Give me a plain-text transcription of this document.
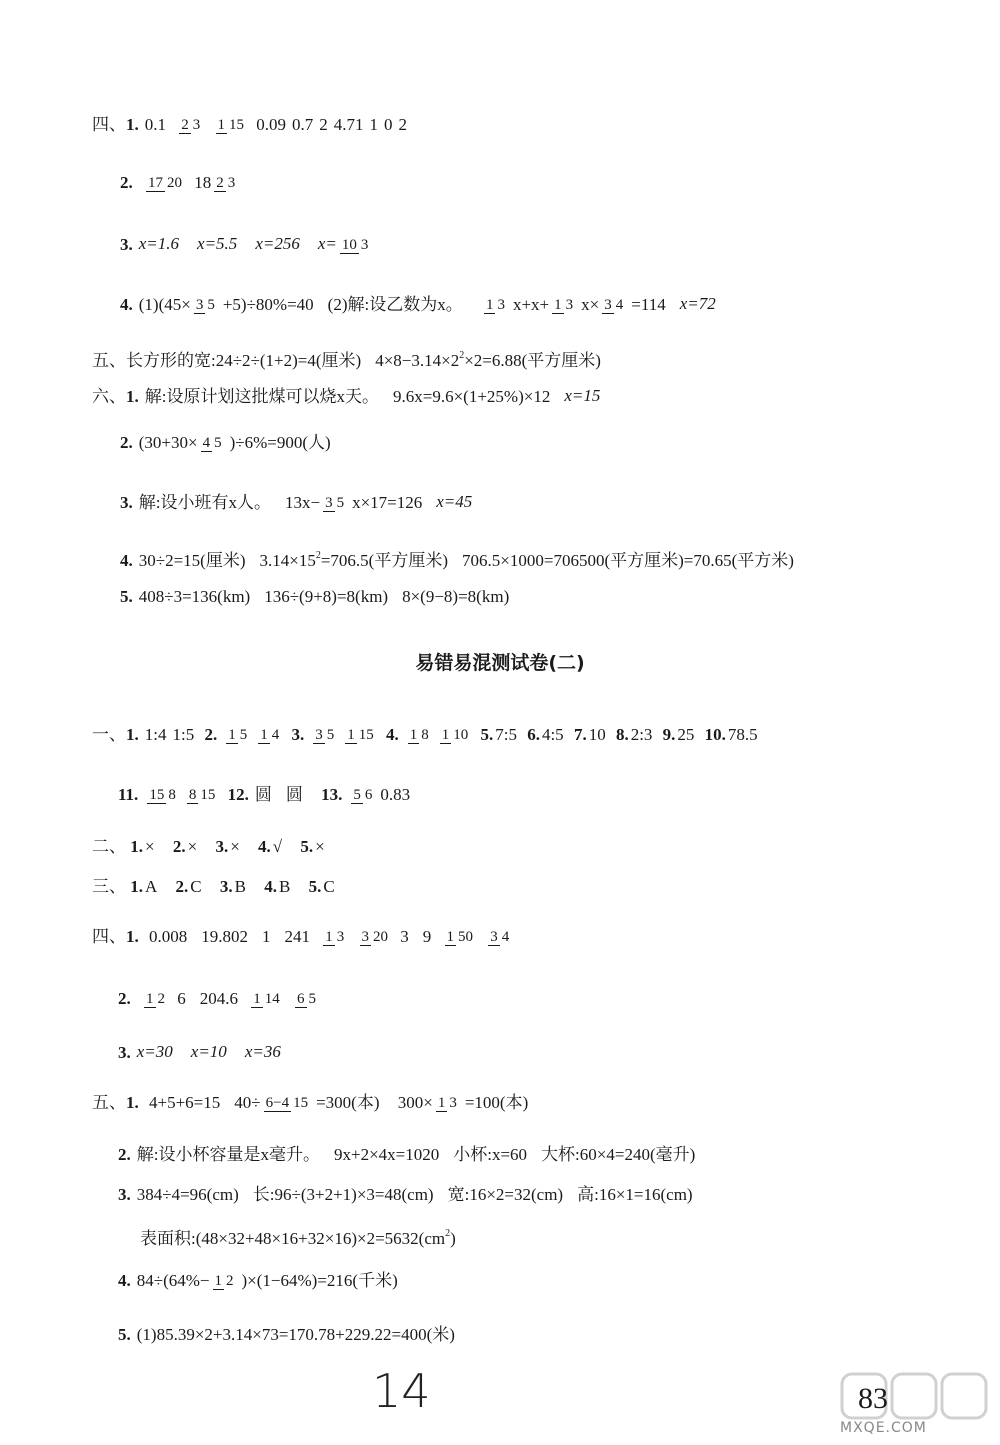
四、1. 0.1 2 3 1 15 0.09 0.7 2 4.71 1 0 2
2. 17 20 18 2 3
3. x=1.6 x=5.5 x=256 x= 10 3
4. (1)(45× 3 5 +5)÷80%=40 (2)解:设乙数为x。 1 3 x+x+ 1 3 x× 3 4 =114 x=72
五、长方形的宽:24÷2÷(1+2)=4(厘米) $4\times 8-3.14\times 2^2\times 2=6.88$(平方厘米)
六、1. 解:设原计划这批煤可以烧x天。 9.6x=9.6×(1+25%)×12 x=15
2. (30+30× 4 5 )÷6%=900(人)
3. 解:设小班有x人。 13x− 3 5 x×17=126 x=45
4. 30÷2=15(厘米) $3.14\times 15^2=706.5$(平方厘米) 706.5×1000=706500(平方厘米)=70.65(平方米)
5. 408÷3=136(km) 136÷(9+8)=8(km) 8×(9−8)=8(km)
易错易混测试卷(二)
一、1. 1:4 1:5 2. 1 5 1 4 3. 3 5 1 15 4. 1 8 1 10 5. 7:5 6. 4:5 7. 10 8. 2:3 9. 25 10. 78.5
11. 15 8 8 15 12. 圆 圆 13. 5 6 0.83
二、 1. × 2. × 3. × 4. √ 5. ×
三、 1. A 2. C 3. B 4. B 5. C
四、1. 0.008 19.802 1 241 1 3 3 20 3 9 1 50 3 4
2. 1 2 6 204.6 1 14 6 5
3. x=30 x=10 x=36
五、1. 4+5+6=15 40÷ 6−4 15 =300(本) 300× 1 3 =100(本)
2. 解:设小杯容量是x毫升。 9x+2×4x=1020 小杯:x=60 大杯:60×4=240(毫升)
3. 384÷4=96(cm) 长:96÷(3+2+1)×3=48(cm) 宽:16×2=32(cm) 高:16×1=16(cm)
表面积$:(48\times 32+48\times 16+32\times 16)\times 2=5632(cm^2)$
4. 84÷(64%− 1 2 )×(1−64%)=216(千米)
5. (1)85.39×2+3.14×73=170.78+229.22=400(米)
14	83
MXQE.COM
